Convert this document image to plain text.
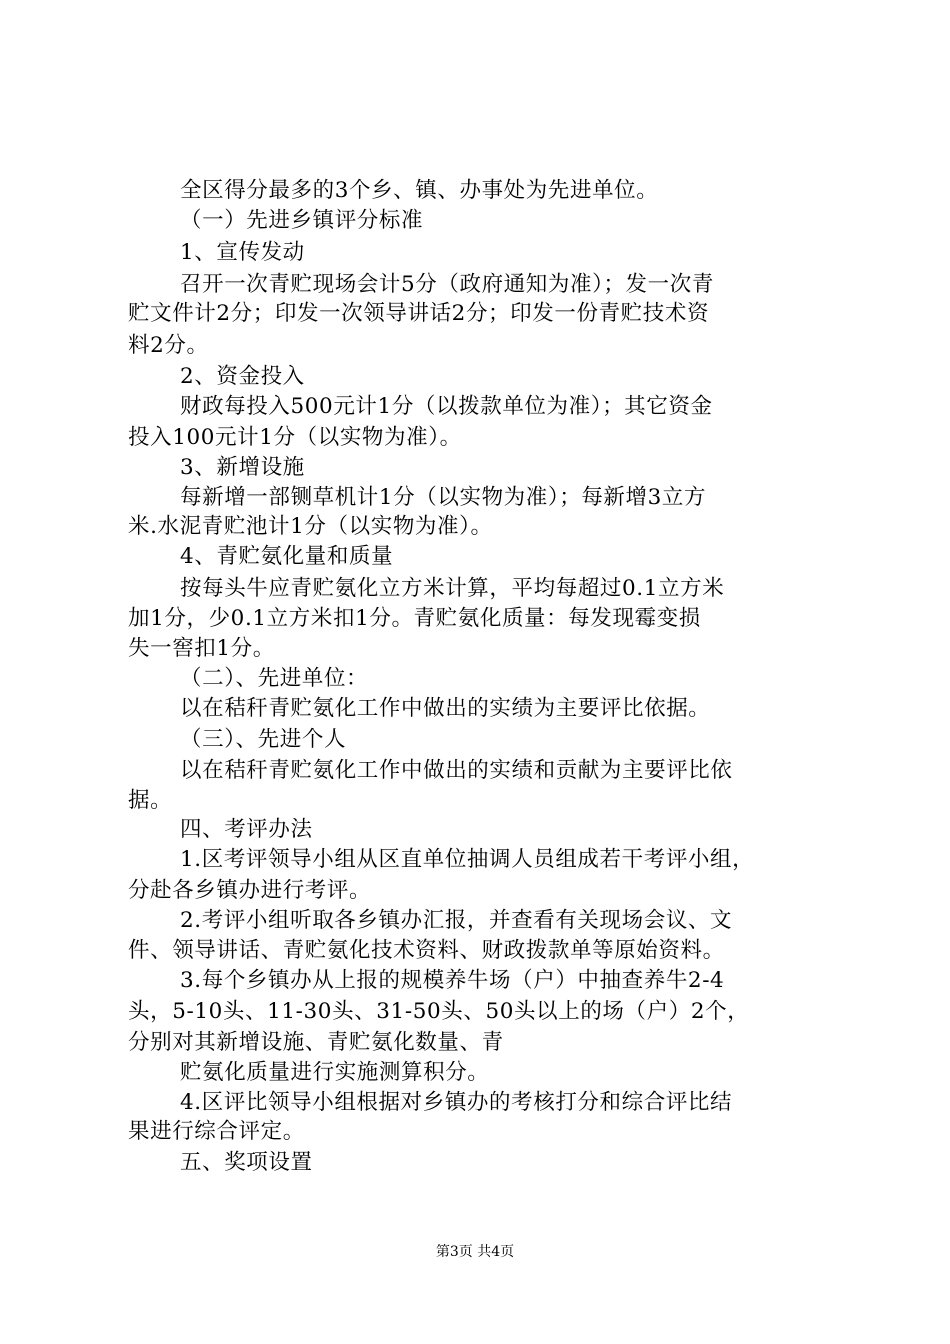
全区得分最多的3个乡、镇、办事处为先进单位。
（一）先进乡镇评分标准
1、宣传发动
召开一次青贮现场会计5分（政府通知为准）；发一次青
贮文件计2分；印发一次领导讲话2分；印发一份青贮技术资
料2分。
2、资金投入
财政每投入500元计1分（以拨款单位为准）；其它资金
投入100元计1分（以实物为准）。
3、新增设施
每新增一部铡草机计1分（以实物为准）；每新增3立方
米.水泥青贮池计1分（以实物为准）。
4、青贮氨化量和质量
按每头牛应青贮氨化立方米计算，平均每超过0.1立方米
加1分，少0.1立方米扣1分。青贮氨化质量：每发现霉变损
失一窖扣1分。
（二）、先进单位：
以在秸秆青贮氨化工作中做出的实绩为主要评比依据。
（三）、先进个人
以在秸秆青贮氨化工作中做出的实绩和贡献为主要评比依
据。
四、考评办法
1.区考评领导小组从区直单位抽调人员组成若干考评小组，
分赴各乡镇办进行考评。
2.考评小组听取各乡镇办汇报，并查看有关现场会议、文
件、领导讲话、青贮氨化技术资料、财政拨款单等原始资料。
3.每个乡镇办从上报的规模养牛场（户）中抽查养牛2-4
头，5-10头、11-30头、31-50头、50头以上的场（户）2个，
分别对其新增设施、青贮氨化数量、青
贮氨化质量进行实施测算积分。
4.区评比领导小组根据对乡镇办的考核打分和综合评比结
果进行综合评定。
五、奖项设置
第3页 共4页
